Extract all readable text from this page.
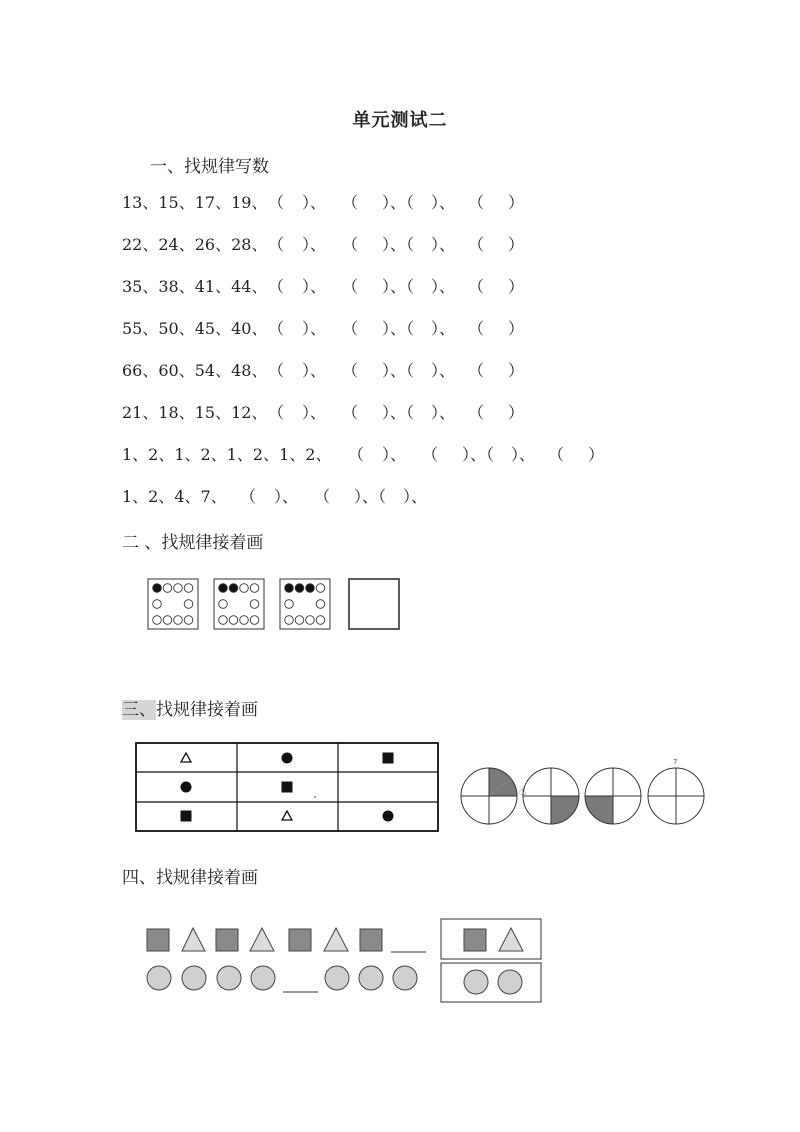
单元测试二
一、找规律写数
13、15、17、19、 （ ）、 （ ）、（ ）、 （ ）
22、24、26、28、 （ ）、 （ ）、（ ）、 （ ）
35、38、41、44、 （ ）、 （ ）、（ ）、 （ ）
55、50、45、40、 （ ）、 （ ）、（ ）、 （ ）
66、60、54、48、 （ ）、 （ ）、（ ）、 （ ）
21、18、15、12、 （ ）、 （ ）、（ ）、 （ ）
1、2、1、2、1、2、1、2、 （ ）、 （ ）、（ ）、 （ ）
1、2、4、7、 （ ）、 （ ）、（ ）、
二 、找规律接着画
三、找规律接着画
☝
7
四、找规律接着画
